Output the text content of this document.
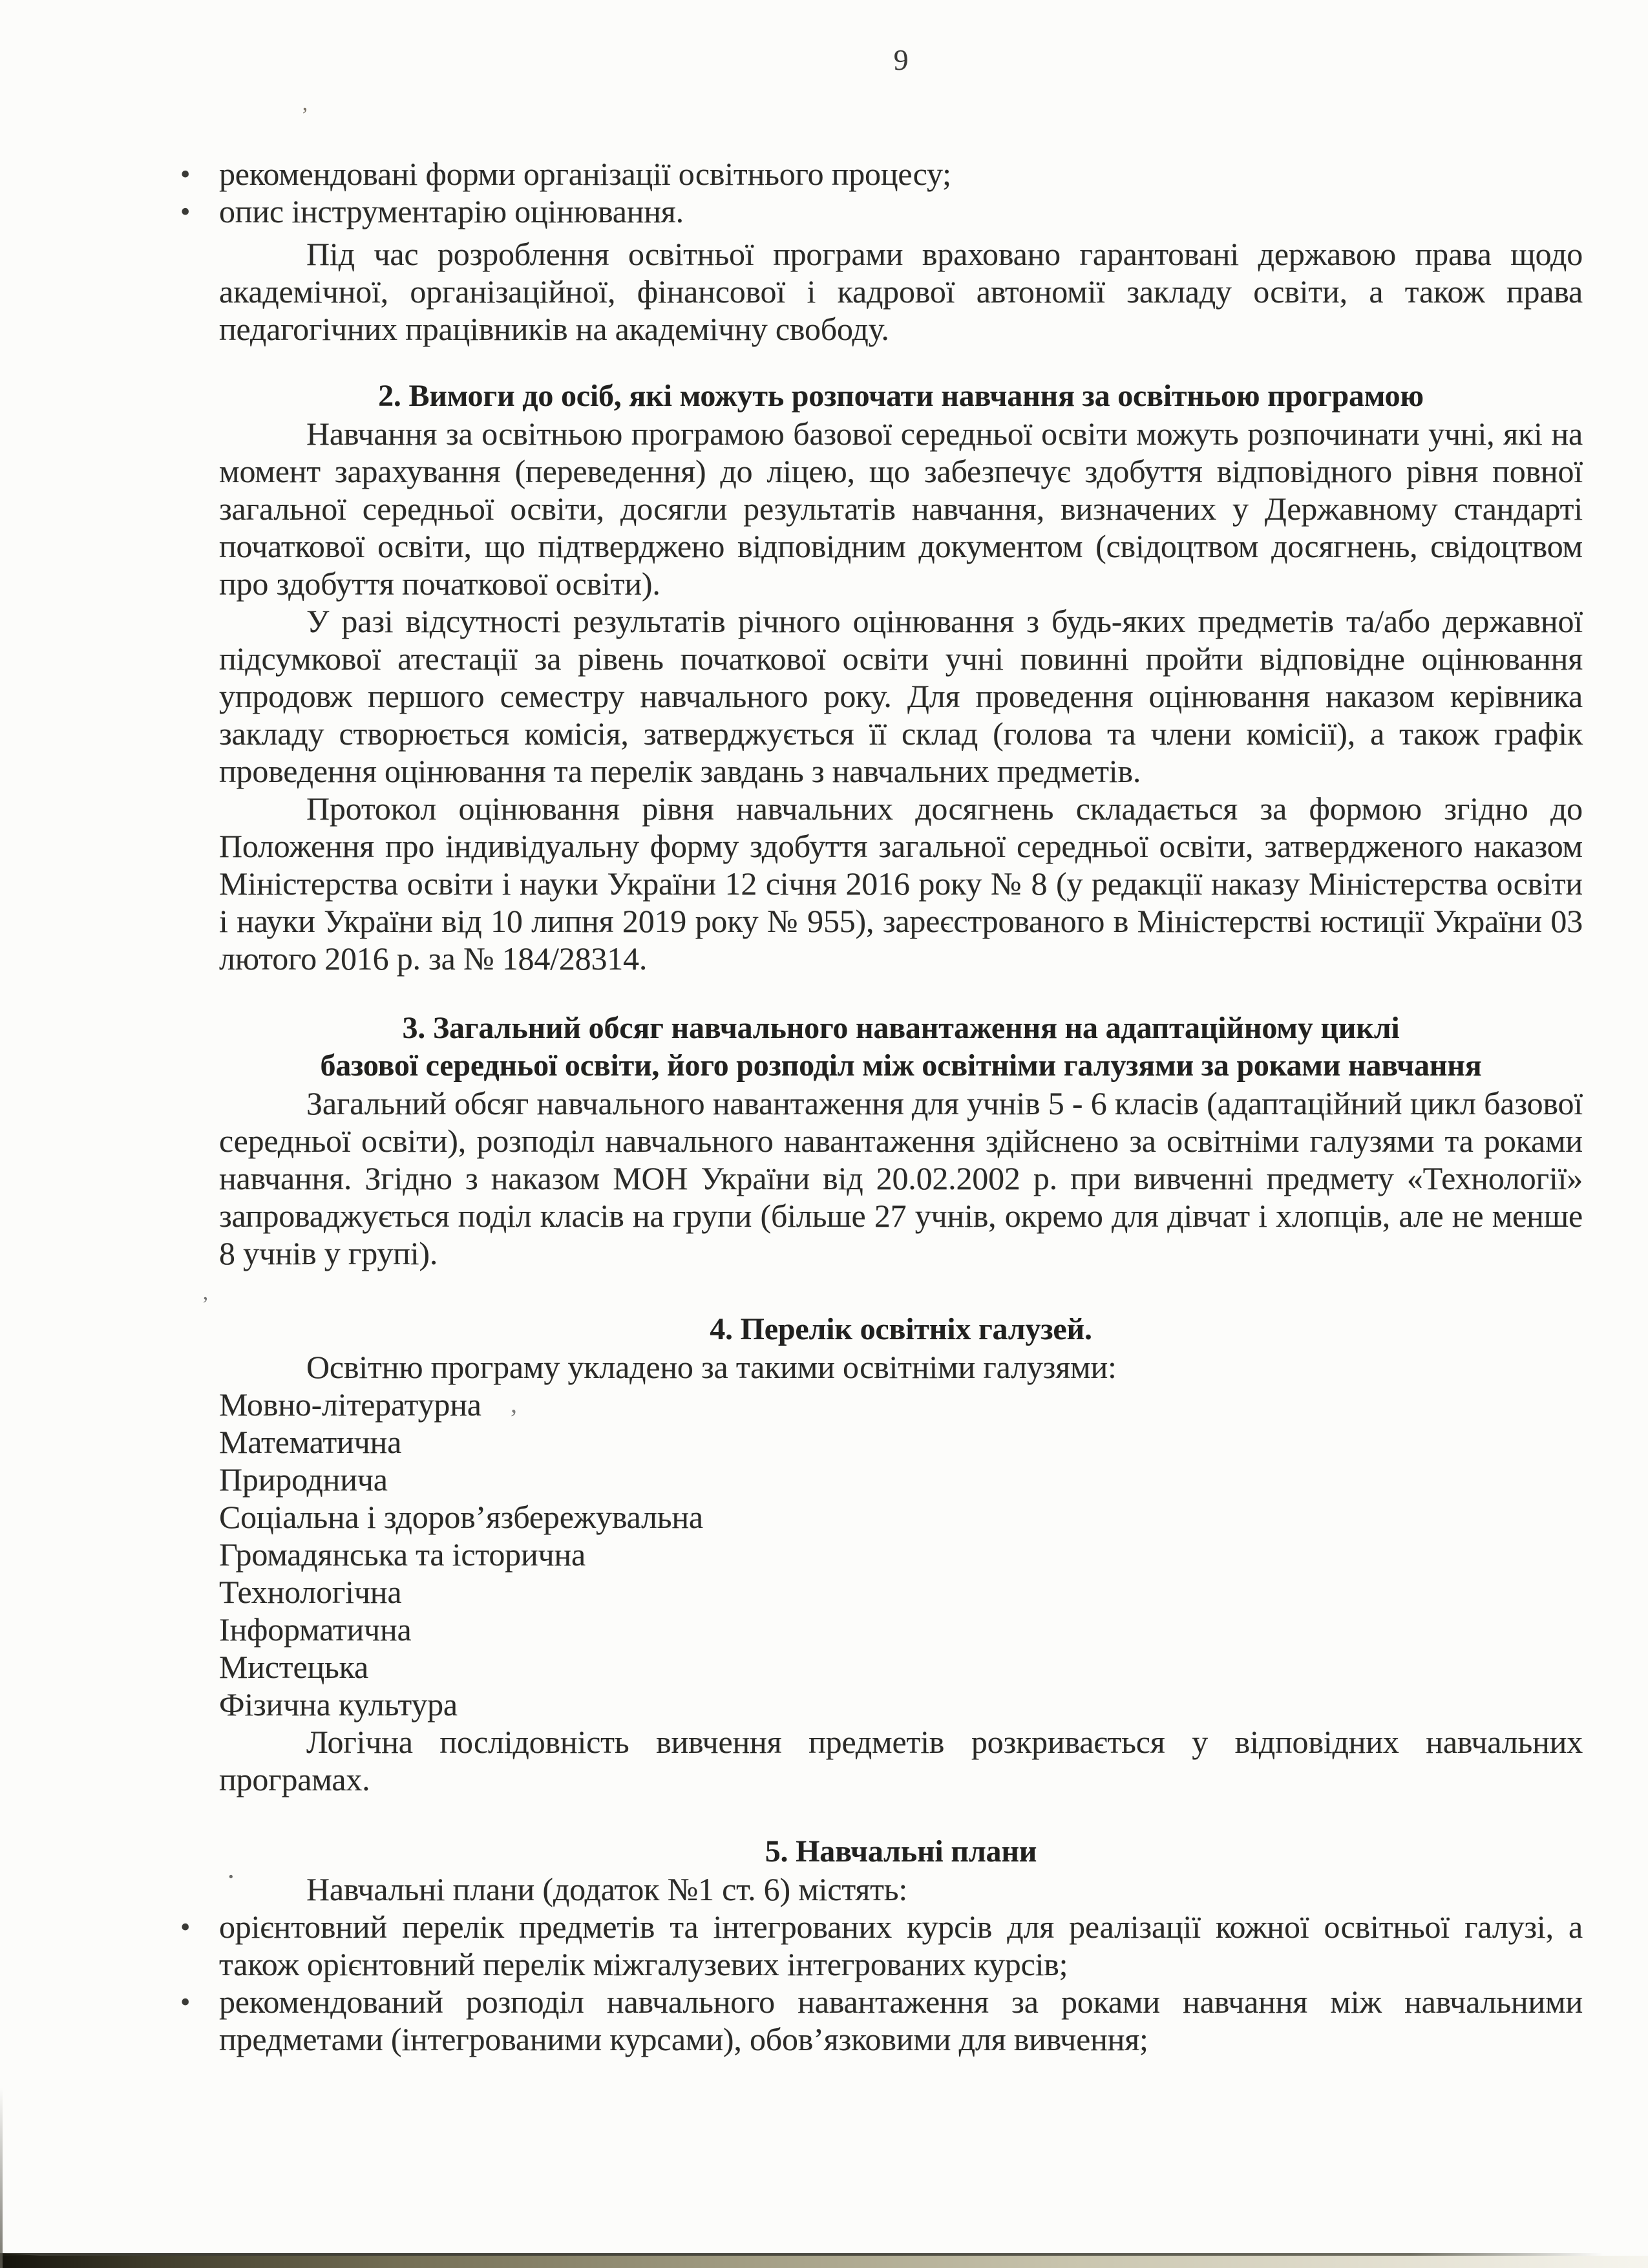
9
• рекомендовані форми організації освітнього процесу;
• опис інструментарію оцінювання.

Під час розроблення освітньої програми враховано гарантовані державою права щодо академічної, організаційної, фінансової і кадрової автономії закладу освіти, а також права педагогічних працівників на академічну свободу.

2. Вимоги до осіб, які можуть розпочати навчання за освітньою програмою

Навчання за освітньою програмою базової середньої освіти можуть розпочинати учні, які на момент зарахування (переведення) до ліцею, що забезпечує здобуття відповідного рівня повної загальної середньої освіти, досягли результатів навчання, визначених у Державному стандарті початкової освіти, що підтверджено відповідним документом (свідоцтвом досягнень, свідоцтвом про здобуття початкової освіти).

У разі відсутності результатів річного оцінювання з будь-яких предметів та/або державної підсумкової атестації за рівень початкової освіти учні повинні пройти відповідне оцінювання упродовж першого семестру навчального року. Для проведення оцінювання наказом керівника закладу створюється комісія, затверджується її склад (голова та члени комісії), а також графік проведення оцінювання та перелік завдань з навчальних предметів.

Протокол оцінювання рівня навчальних досягнень складається за формою згідно до Положення про індивідуальну форму здобуття загальної середньої освіти, затвердженого наказом Міністерства освіти і науки України 12 січня 2016 року № 8 (у редакції наказу Міністерства освіти і науки України від 10 липня 2019 року № 955), зареєстрованого в Міністерстві юстиції України 03 лютого 2016 р. за № 184/28314.

3. Загальний обсяг навчального навантаження на адаптаційному циклі
базової середньої освіти, його розподіл між освітніми галузями за роками навчання

Загальний обсяг навчального навантаження для учнів 5 - 6 класів (адаптаційний цикл базової середньої освіти), розподіл навчального навантаження здійснено за освітніми галузями та роками навчання. Згідно з наказом МОН України від 20.02.2002 р. при вивченні предмету «Технології» запроваджується поділ класів на групи (більше 27 учнів, окремо для дівчат і хлопців, але не менше 8 учнів у групі).

4. Перелік освітніх галузей.

Освітню програму укладено за такими освітніми галузями:

Мовно-літературна
Математична
Природнича
Соціальна і здоров’язбережувальна
Громадянська та історична
Технологічна
Інформатична
Мистецька
Фізична культура

Логічна послідовність вивчення предметів розкривається у відповідних навчальних програмах.

5. Навчальні плани

Навчальні плани (додаток №1 ст. 6) містять:

• орієнтовний перелік предметів та інтегрованих курсів для реалізації кожної освітньої галузі, а також орієнтовний перелік міжгалузевих інтегрованих курсів;
• рекомендований розподіл навчального навантаження за роками навчання між навчальними предметами (інтегрованими курсами), обов’язковими для вивчення;
’
’
,
·
